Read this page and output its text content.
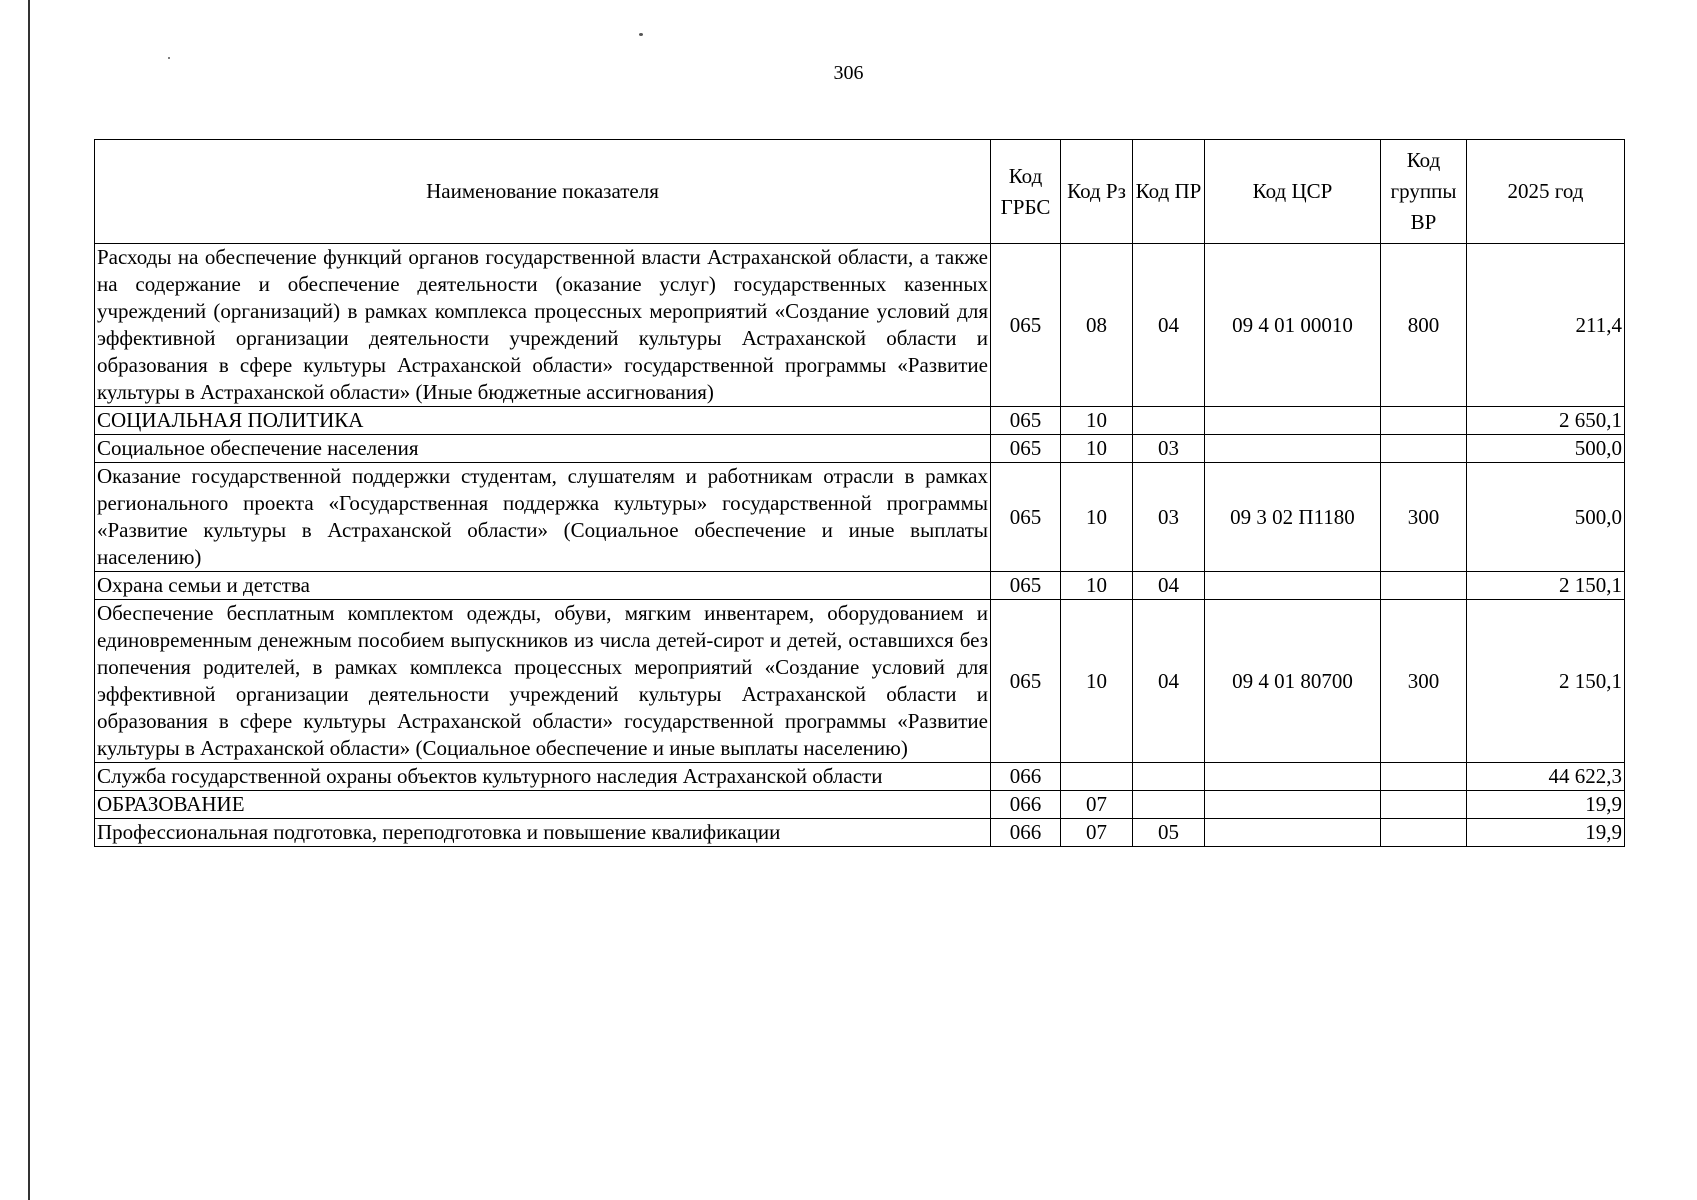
306
Наименование показателя	Код ГРБС	Код Рз	Код ПР	Код ЦСР	Код группы ВР	2025 год
Расходы на обеспечение функций органов государственной власти Астраханской области, а также на содержание и обеспечение деятельности (оказание услуг) государственных казенных учреждений (организаций) в рамках комплекса процессных мероприятий «Создание условий для эффективной организации деятельности учреждений культуры Астраханской области и образования в сфере культуры Астраханской области» государственной программы «Развитие культуры в Астраханской области» (Иные бюджетные ассигнования)	065	08	04	09 4 01 00010	800	211,4
СОЦИАЛЬНАЯ ПОЛИТИКА	065	10				2 650,1
Социальное обеспечение населения	065	10	03			500,0
Оказание государственной поддержки студентам, слушателям и работникам отрасли в рамках регионального проекта «Государственная поддержка культуры» государственной программы «Развитие культуры в Астраханской области» (Социальное обеспечение и иные выплаты населению)	065	10	03	09 3 02 П1180	300	500,0
Охрана семьи и детства	065	10	04			2 150,1
Обеспечение бесплатным комплектом одежды, обуви, мягким инвентарем, оборудованием и единовременным денежным пособием выпускников из числа детей-сирот и детей, оставшихся без попечения родителей, в рамках комплекса процессных мероприятий «Создание условий для эффективной организации деятельности учреждений культуры Астраханской области и образования в сфере культуры Астраханской области» государственной программы «Развитие культуры в Астраханской области» (Социальное обеспечение и иные выплаты населению)	065	10	04	09 4 01 80700	300	2 150,1
Служба государственной охраны объектов культурного наследия Астраханской области	066					44 622,3
ОБРАЗОВАНИЕ	066	07				19,9
Профессиональная подготовка, переподготовка и повышение квалификации	066	07	05			19,9
